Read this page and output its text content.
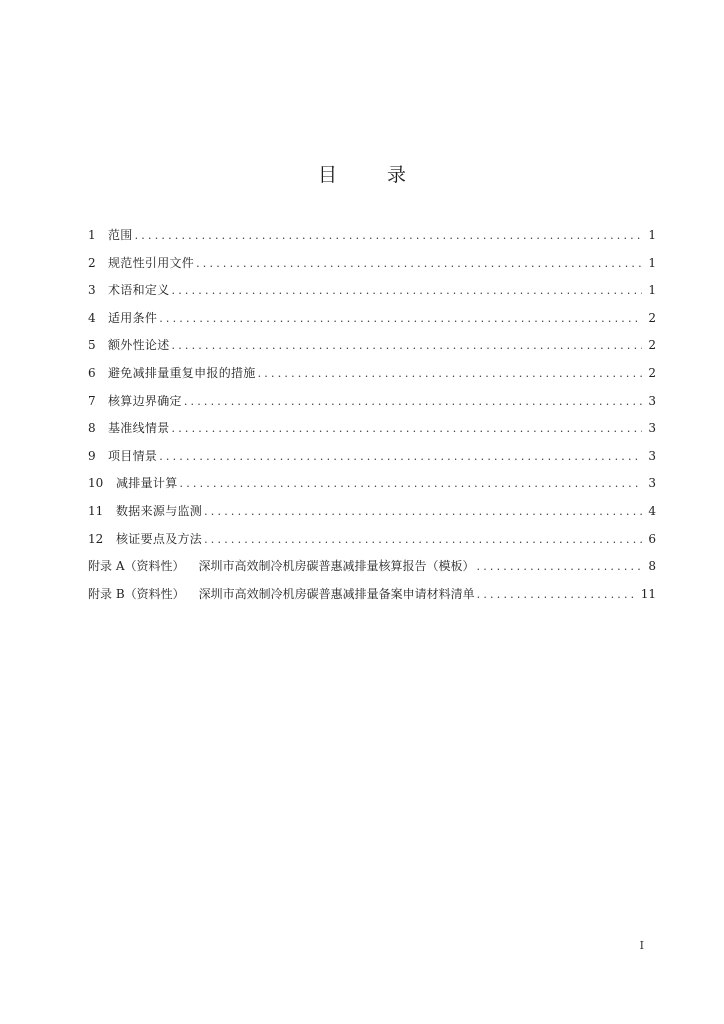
目 录
1	范围 .....	1
2	规范性引用文件 .....	1
3	术语和定义 .....	1
4	适用条件 .....	2
5	额外性论述 .....	2
6	避免减排量重复申报的措施 .....	2
7	核算边界确定 .....	3
8	基准线情景 .....	3
9	项目情景 .....	3
10	减排量计算 .....	3
11	数据来源与监测 .....	4
12	核证要点及方法 .....	6
附录 A（资料性） 深圳市高效制冷机房碳普惠减排量核算报告（模板） .....	8
附录 B（资料性） 深圳市高效制冷机房碳普惠减排量备案申请材料清单 .....	11
I
